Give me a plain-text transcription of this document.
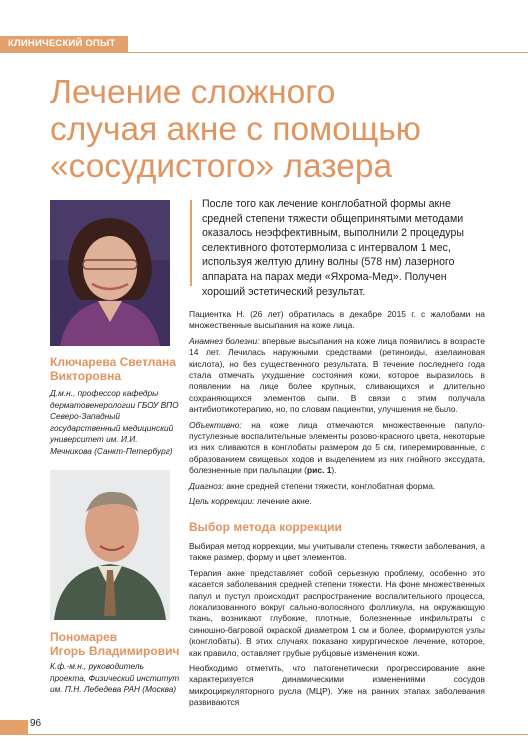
КЛИНИЧЕСКИЙ ОПЫТ
Лечение сложного
случая акне с помощью
«сосудистого» лазера
Ключарева Светлана
Викторовна
Д.м.н., профессор кафедры дерматовенерологии ГБОУ ВПО Северо-Западный государственный медицинский университет им. И.И. Мечникова (Санкт-Петербург)
Пономарев
Игорь Владимирович
К.ф.-м.н., руководитель проекта, Физический институт им. П.Н. Лебедева РАН (Москва)
После того как лечение конглобатной формы акне
средней степени тяжести общепринятыми методами
оказалось неэффективным, выполнили 2 процедуры
селективного фототермолиза с интервалом 1 мес,
используя желтую длину волны (578 нм) лазерного
аппарата на парах меди «Яхрома-Мед». Получен
хороший эстетический результат.

Пациентка Н. (26 лет) обратилась в декабре 2015 г. с жалобами на множественные высыпания на коже лица.

Анамнез болезни: впервые высыпания на коже лица появились в возрасте 14 лет. Лечилась наружными средствами (ретиноиды, азелаиновая кислота), но без существенного результата. В течение последнего года стала отмечать ухудшение состояния кожи, которое выразилось в появлении на лице более крупных, сливающихся и длительно сохраняющихся элементов сыпи. В связи с этим получала антибиотикотерапию, но, по словам пациентки, улучшения не было.

Объективно: на коже лица отмечаются множественные папуло-пустулезные воспалительные элементы розово-красного цвета, некоторые из них сливаются в конглобаты размером до 5 см, гиперемированные, с образованием свищевых ходов и выделением из них гнойного экссудата, болезненные при пальпации (рис. 1).

Диагноз: акне средней степени тяжести, конглобатная форма.

Цель коррекции: лечение акне.

Выбор метода коррекции

Выбирая метод коррекции, мы учитывали степень тяжести заболевания, а также размер, форму и цвет элементов.

Терапия акне представляет собой серьезную проблему, особенно это касается заболевания средней степени тяжести. На фоне множественных папул и пустул происходит распространение воспалительного процесса, локализованного вокруг сально-волосяного фолликула, на окружающую ткань, возникают глубокие, плотные, болезненные инфильтраты с синюшно-багровой окраской диаметром 1 см и более, формируются узлы (конглобаты). В этих случаях показано хирургическое лечение, которое, как правило, оставляет грубые рубцовые изменения кожи.

Необходимо отметить, что патогенетически прогрессирование акне характеризуется динамическими изменениями сосудов микроциркуляторного русла (МЦР). Уже на ранних этапах заболевания развиваются

96
